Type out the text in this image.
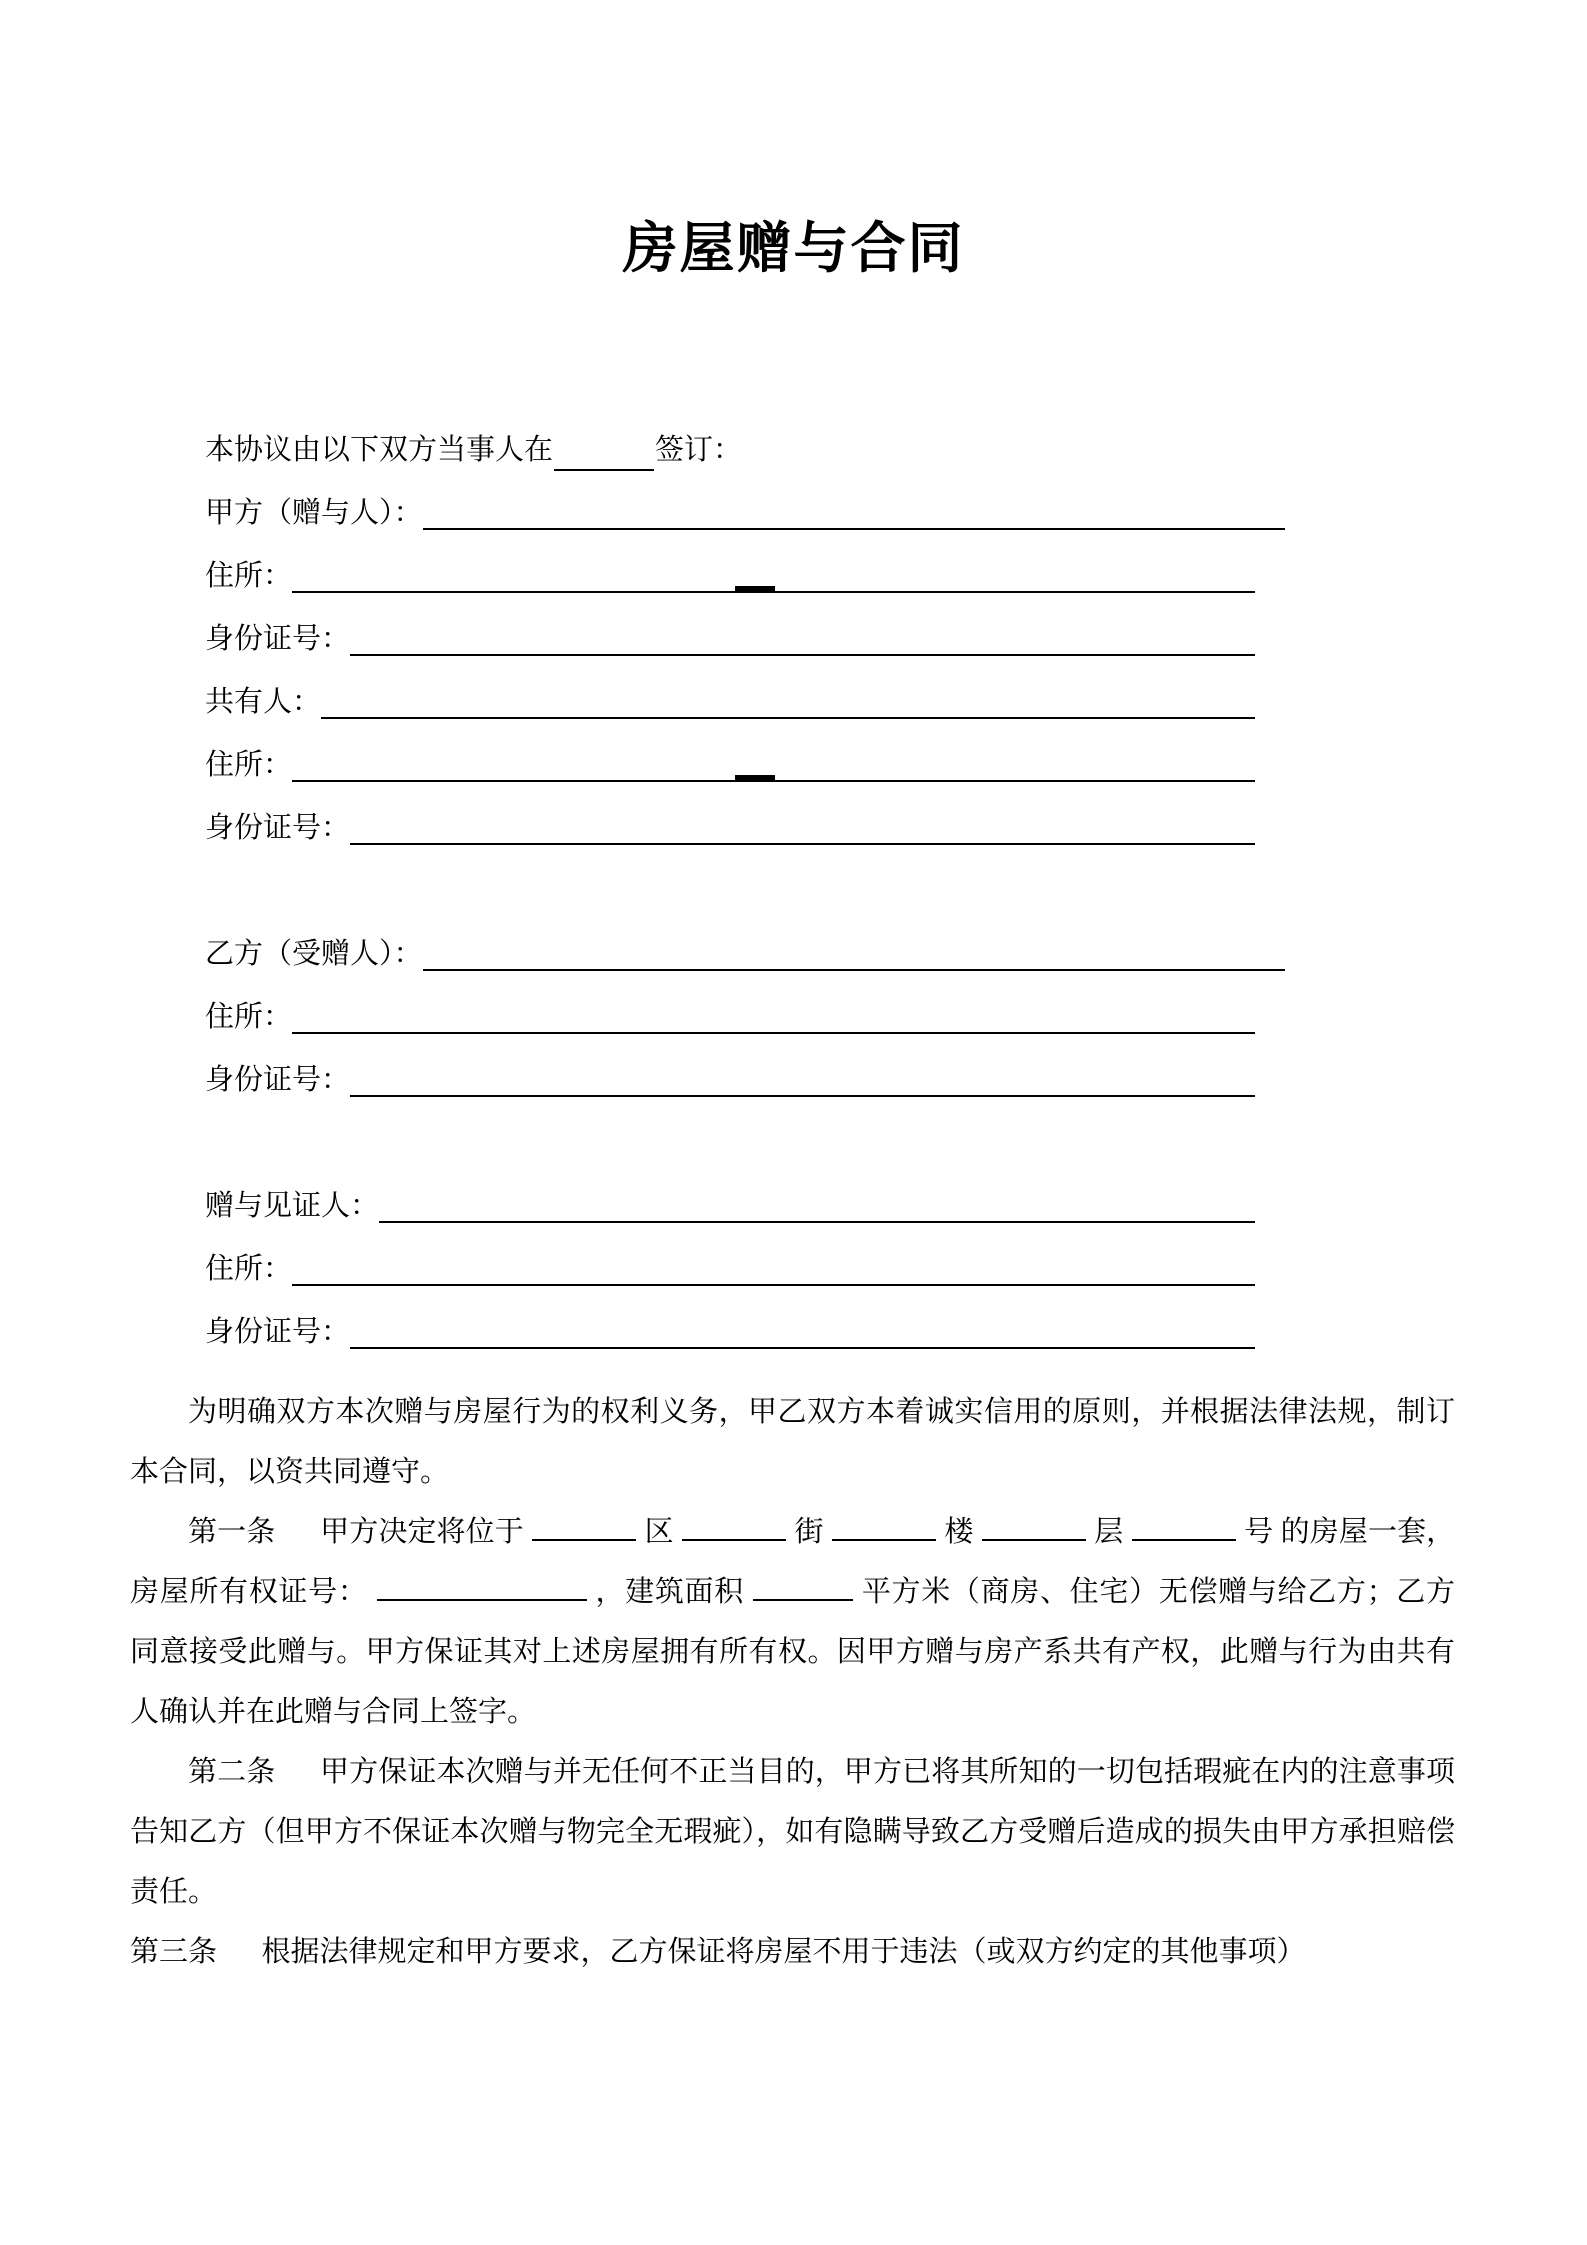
房屋赠与合同
本协议由以下双方当事人在	签订：
甲方（赠与人）：
住所：
身份证号：
共有人：
住所：
身份证号：
乙方（受赠人）：
住所：
身份证号：
赠与见证人：
住所：
身份证号：

为明确双方本次赠与房屋行为的权利义务，甲乙双方本着诚实信用的原则，并根据法律法规，制订本合同，以资共同遵守。

第一条 甲方决定将位于	区	街	楼	层	号 的房屋一套，房屋所有权证号：	，建筑面积	平方米（商房、住宅）无偿赠与给乙方；乙方同意接受此赠与。甲方保证其对上述房屋拥有所有权。因甲方赠与房产系共有产权，此赠与行为由共有人确认并在此赠与合同上签字。

第二条 甲方保证本次赠与并无任何不正当目的，甲方已将其所知的一切包括瑕疵在内的注意事项告知乙方（但甲方不保证本次赠与物完全无瑕疵），如有隐瞒导致乙方受赠后造成的损失由甲方承担赔偿责任。

第三条 根据法律规定和甲方要求，乙方保证将房屋不用于违法（或双方约定的其他事项）
